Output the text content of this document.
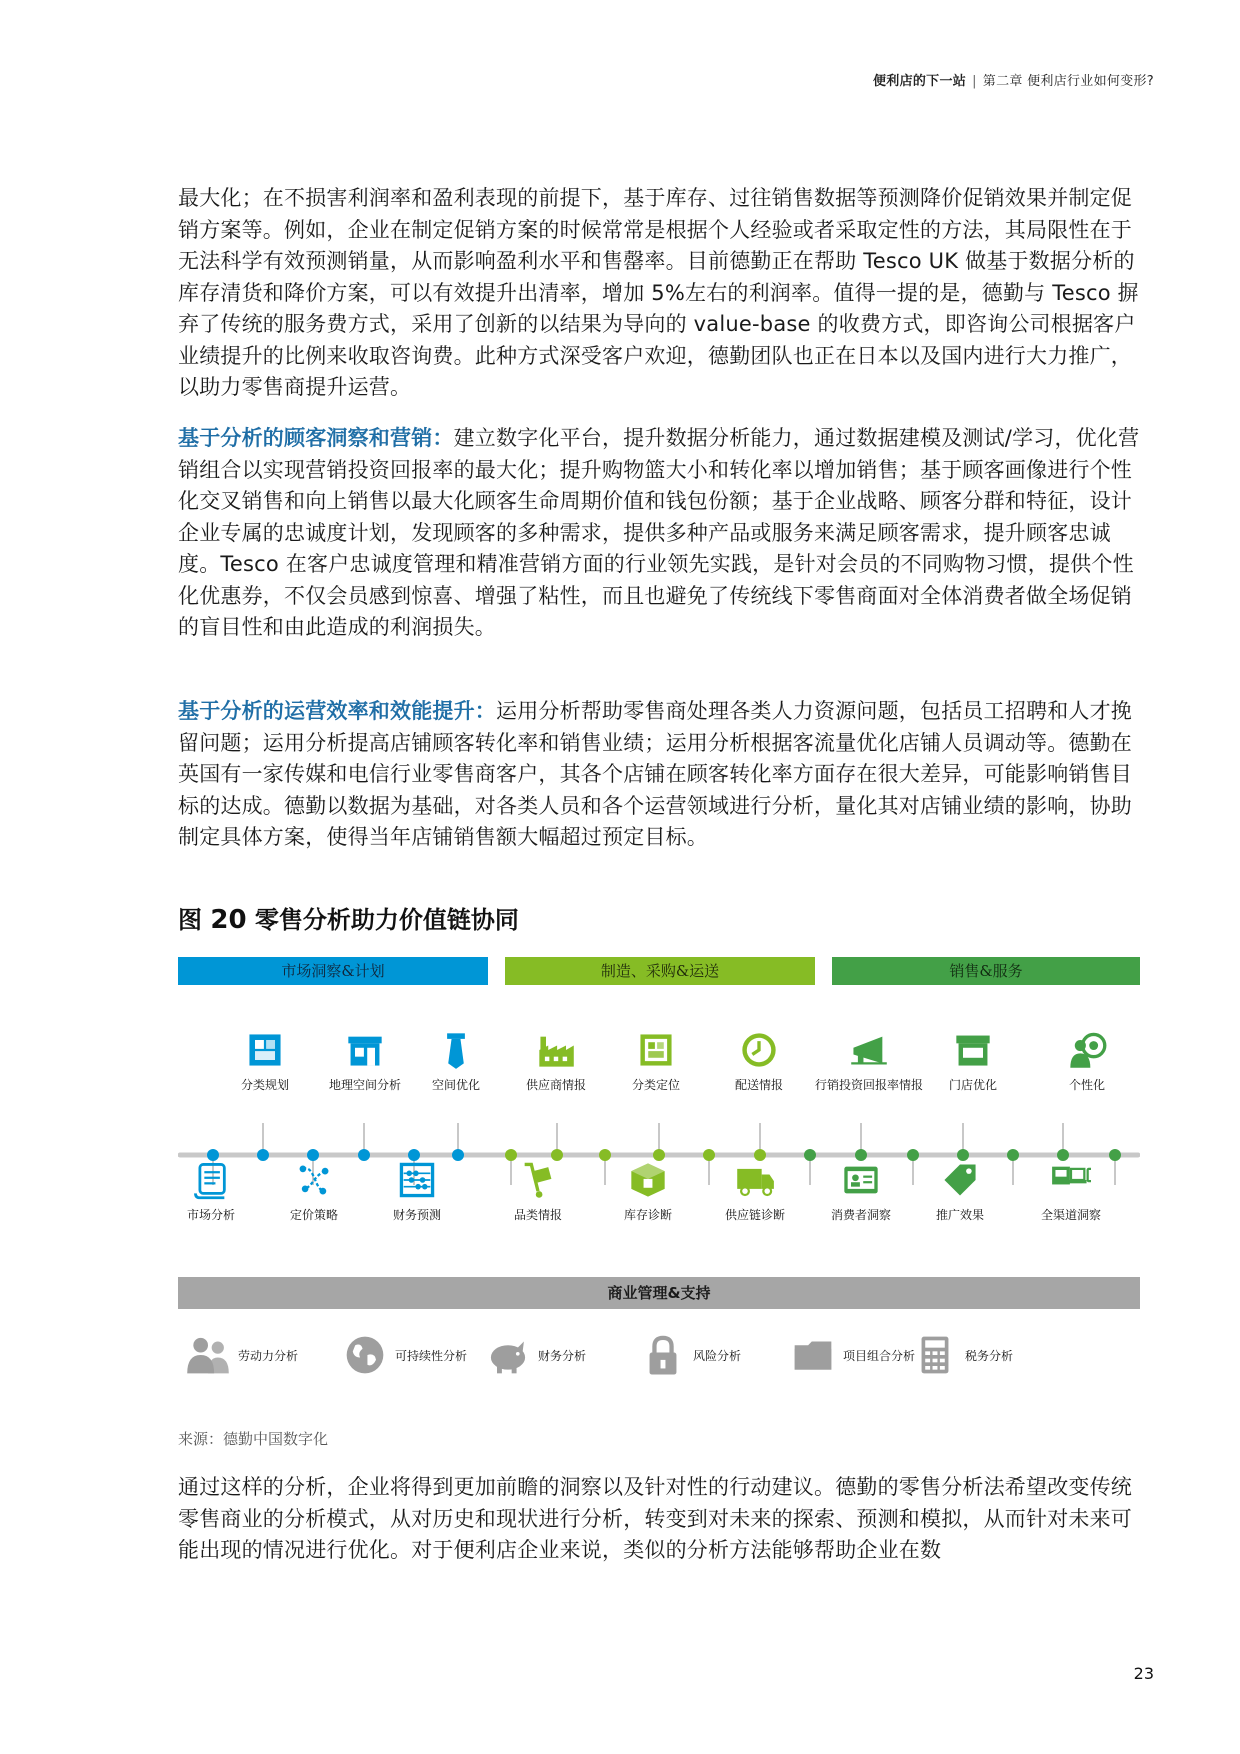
便利店的下一站 | 第二章 便利店行业如何变形?

最大化；在不损害利润率和盈利表现的前提下，基于库存、过往销售数据等预测降价促销效果并制定促销方案等。例如，企业在制定促销方案的时候常常是根据个人经验或者采取定性的方法，其局限性在于无法科学有效预测销量，从而影响盈利水平和售罄率。目前德勤正在帮助 Tesco UK 做基于数据分析的库存清货和降价方案，可以有效提升出清率，增加 5%左右的利润率。值得一提的是，德勤与 Tesco 摒弃了传统的服务费方式，采用了创新的以结果为导向的 value-base 的收费方式，即咨询公司根据客户业绩提升的比例来收取咨询费。此种方式深受客户欢迎，德勤团队也正在日本以及国内进行大力推广，以助力零售商提升运营。

基于分析的顾客洞察和营销：建立数字化平台，提升数据分析能力，通过数据建模及测试/学习，优化营销组合以实现营销投资回报率的最大化；提升购物篮大小和转化率以增加销售；基于顾客画像进行个性化交叉销售和向上销售以最大化顾客生命周期价值和钱包份额；基于企业战略、顾客分群和特征，设计企业专属的忠诚度计划，发现顾客的多种需求，提供多种产品或服务来满足顾客需求，提升顾客忠诚度。Tesco 在客户忠诚度管理和精准营销方面的行业领先实践，是针对会员的不同购物习惯，提供个性化优惠券，不仅会员感到惊喜、增强了粘性，而且也避免了传统线下零售商面对全体消费者做全场促销的盲目性和由此造成的利润损失。

基于分析的运营效率和效能提升：运用分析帮助零售商处理各类人力资源问题，包括员工招聘和人才挽留问题；运用分析提高店铺顾客转化率和销售业绩；运用分析根据客流量优化店铺人员调动等。德勤在英国有一家传媒和电信行业零售商客户，其各个店铺在顾客转化率方面存在很大差异，可能影响销售目标的达成。德勤以数据为基础，对各类人员和各个运营领域进行分析，量化其对店铺业绩的影响，协助制定具体方案，使得当年店铺销售额大幅超过预定目标。

图 20 零售分析助力价值链协同
市场洞察&计划	制造、采购&运送	销售&服务
分类规划	地理空间分析	空间优化	供应商情报	分类定位	配送情报	行销投资回报率情报	门店优化	个性化
市场分析	定价策略	财务预测	品类情报	库存诊断	供应链诊断	消费者洞察	推广效果	全渠道洞察
商业管理&支持
劳动力分析	可持续性分析	财务分析	风险分析	项目组合分析	税务分析

来源：德勤中国数字化

通过这样的分析，企业将得到更加前瞻的洞察以及针对性的行动建议。德勤的零售分析法希望改变传统零售商业的分析模式，从对历史和现状进行分析，转变到对未来的探索、预测和模拟，从而针对未来可能出现的情况进行优化。对于便利店企业来说，类似的分析方法能够帮助企业在数

23
